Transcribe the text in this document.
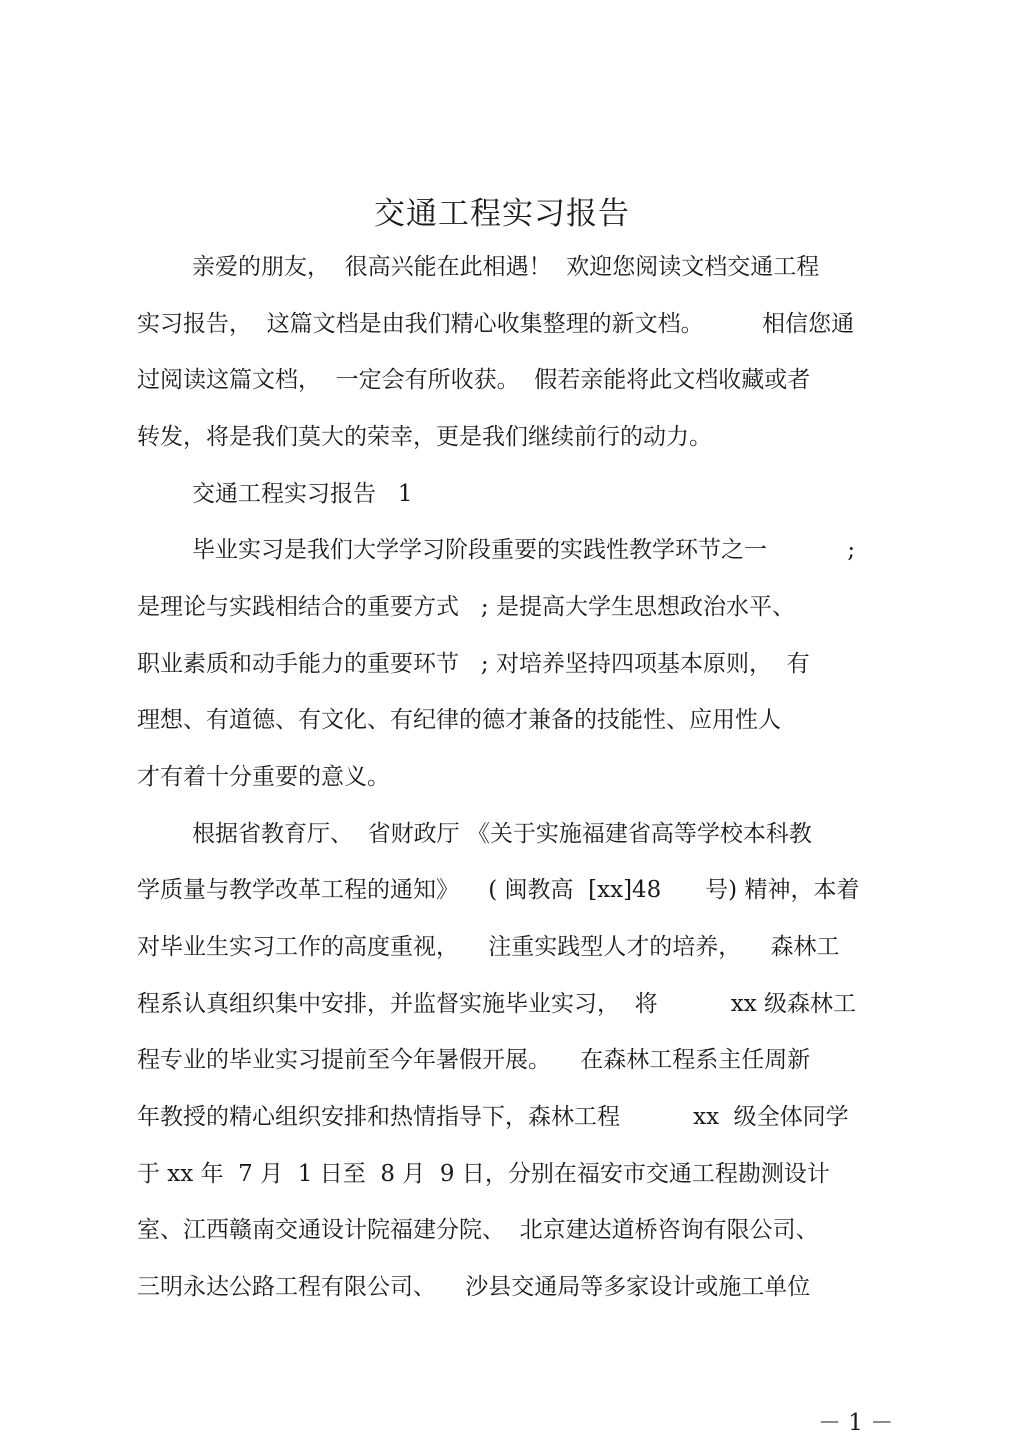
交通工程实习报告
亲爱的朋友，  很高兴能在此相遇！  欢迎您阅读文档交通工程
实习报告，  这篇文档是由我们精心收集整理的新文档。        相信您通
过阅读这篇文档，  一定会有所收获。  假若亲能将此文档收藏或者
转发，将是我们莫大的荣幸，更是我们继续前行的动力。
交通工程实习报告   1
毕业实习是我们大学学习阶段重要的实践性教学环节之一           ;
是理论与实践相结合的重要方式   ; 是提高大学生思想政治水平、
职业素质和动手能力的重要环节   ; 对培养坚持四项基本原则，  有
理想、有道德、有文化、有纪律的德才兼备的技能性、应用性人
才有着十分重要的意义。
根据省教育厅、  省财政厅 《关于实施福建省高等学校本科教
学质量与教学改革工程的通知》    ( 闽教高  [xx]48      号) 精神，本着
对毕业生实习工作的高度重视，    注重实践型人才的培养，    森林工
程系认真组织集中安排，并监督实施毕业实习，  将          xx 级森林工
程专业的毕业实习提前至今年暑假开展。    在森林工程系主任周新
年教授的精心组织安排和热情指导下，森林工程          xx  级全体同学
于 xx 年  7 月  1 日至  8 月  9 日，分别在福安市交通工程勘测设计
室、江西赣南交通设计院福建分院、  北京建达道桥咨询有限公司、
三明永达公路工程有限公司、    沙县交通局等多家设计或施工单位
－ 1 －
